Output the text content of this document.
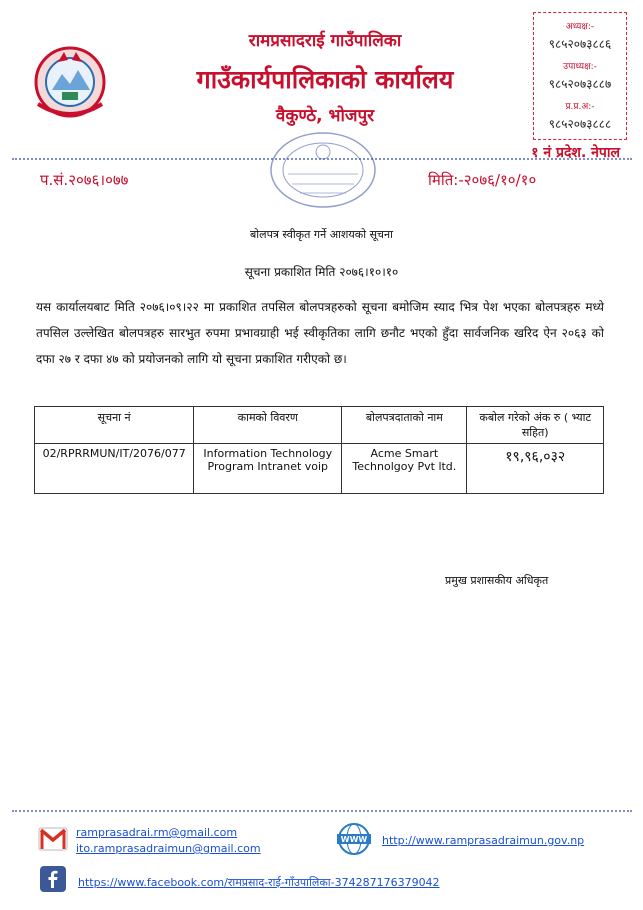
रामप्रसादराई गाउँपालिका
गाउँकार्यपालिकाको कार्यालय
वैकुण्ठे, भोजपुर
अध्यक्ष:-
९८५२०७३८८६
उपाध्यक्ष:-
९८५२०७३८८७
प्र.प्र.अ:-
९८५२०७३८८८
१ नं प्रदेश. नेपाल
प.सं.२०७६।०७७	मिति:-२०७६/१०/१०
बोलपत्र स्वीकृत गर्ने आशयको सूचना
सूचना प्रकाशित मिति २०७६।१०।१०
यस कार्यालयबाट मिति २०७६।०९।२२ मा प्रकाशित तपसिल बोलपत्रहरुको सूचना बमोजिम स्याद भित्र पेश भएका बोलपत्रहरु मध्ये तपसिल उल्लेखित बोलपत्रहरु सारभुत रुपमा प्रभावग्राही भई स्वीकृतिका लागि छनौट भएको हुँदा सार्वजनिक खरिद ऐन २०६३ को दफा २७ र दफा ४७ को प्रयोजनको लागि यो सूचना प्रकाशित गरीएको छ।
सूचना नं	कामको विवरण	बोलपत्रदाताको नाम	कबोल गरेको अंक रु ( भ्याट सहित)
02/RPRRMUN/IT/2076/077	Information Technology Program Intranet voip	Acme Smart Technolgoy Pvt ltd.	१९,९६,०३२
प्रमुख प्रशासकीय अधिकृत
ramprasadrai.rm@gmail.com
ito.ramprasadraimun@gmail.com
WWW http://www.ramprasadraimun.gov.np
https://www.facebook.com/रामप्रसाद-राई-गाँउपालिका-374287176379042
